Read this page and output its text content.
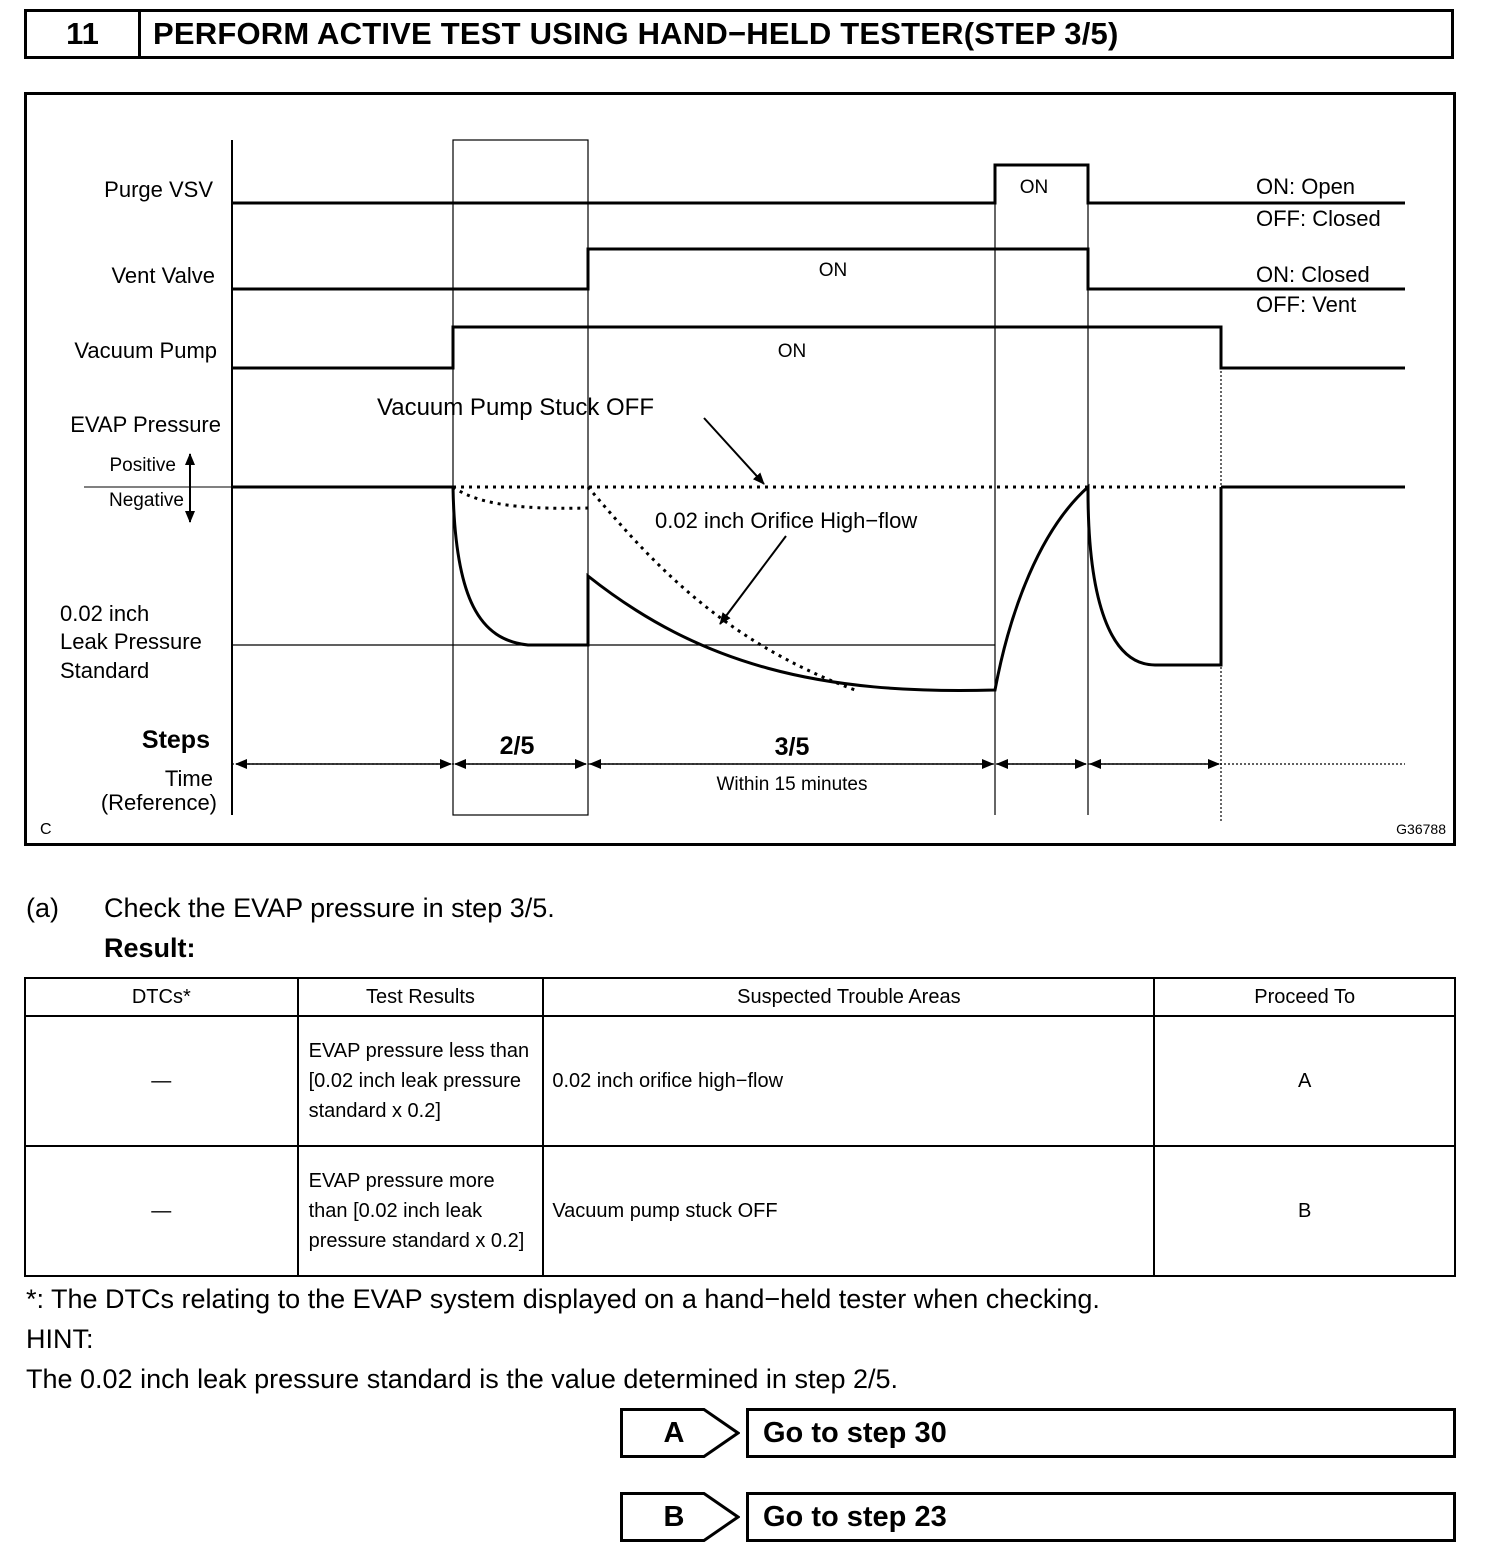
11	PERFORM ACTIVE TEST USING HAND−HELD TESTER(STEP 3/5)
Purge VSV
Vent Valve
Vacuum Pump
EVAP Pressure
Positive
Negative
0.02 inch
Leak Pressure
Standard
Steps
Time
(Reference)
ON
ON
ON
ON: Open
OFF: Closed
ON: Closed
OFF: Vent
Vacuum Pump Stuck OFF
0.02 inch Orifice High−flow
2/5	3/5
Within 15 minutes
C	G36788
(a) Check the EVAP pressure in step 3/5.
Result:
DTCs*	Test Results	Suspected Trouble Areas	Proceed To
—	EVAP pressure less than [0.02 inch leak pressure standard x 0.2]	0.02 inch orifice high−flow	A
—	EVAP pressure more than [0.02 inch leak pressure standard x 0.2]	Vacuum pump stuck OFF	B
*: The DTCs relating to the EVAP system displayed on a hand−held tester when checking.
HINT:
The 0.02 inch leak pressure standard is the value determined in step 2/5.
A	Go to step 30
B	Go to step 23
